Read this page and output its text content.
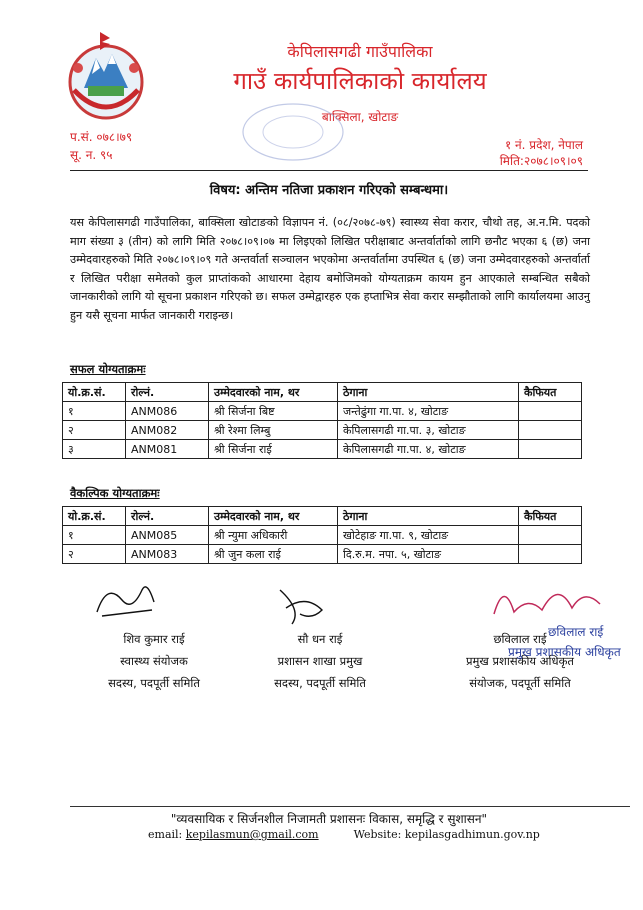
केपिलासगढी गाउँपालिका
गाउँ कार्यपालिकाको कार्यालय
बाक्सिला, खोटाङ
प.सं. ०७८।७९
सू. न. ९५
१ नं. प्रदेश, नेपाल
मिति:२०७८।०९।०९
विषय: अन्तिम नतिजा प्रकाशन गरिएको सम्बन्धमा।
यस केपिलासगढी गाउँपालिका, बाक्सिला खोटाङको विज्ञापन नं. (०८/२०७८-७९) स्वास्थ्य सेवा करार, चौथो तह, अ.न.मि. पदको माग संख्या ३ (तीन) को लागि मिति २०७८।०९।०७ मा लिइएको लिखित परीक्षाबाट अन्तर्वार्ताको लागि छनौट भएका ६ (छ) जना उम्मेदवारहरुको मिति २०७८।०९।०९ गते अन्तर्वार्ता सञ्चालन भएकोमा अन्तर्वार्तामा उपस्थित ६ (छ) जना उम्मेदवारहरुको अन्तर्वार्ता र लिखित परीक्षा समेतको कुल प्राप्तांकको आधारमा देहाय बमोजिमको योग्यताक्रम कायम हुन आएकाले सम्बन्धित सबैको जानकारीको लागि यो सूचना प्रकाशन गरिएको छ। सफल उम्मेद्वारहरु एक हप्ताभित्र सेवा करार सम्झौताको लागि कार्यालयमा आउनु हुन यसै सूचना मार्फत जानकारी गराइन्छ।
सफल योग्यताक्रमः
यो.क्र.सं.	रोल्नं.	उम्मेदवारको नाम, थर	ठेगाना	कैफियत
१	ANM086	श्री सिर्जना बिष्ट	जन्तेढुंगा गा.पा. ४, खोटाङ	
२	ANM082	श्री रेश्मा लिम्बु	केपिलासगढी गा.पा. ३, खोटाङ	
३	ANM081	श्री सिर्जना राई	केपिलासगढी गा.पा. ४, खोटाङ	
वैकल्पिक योग्यताक्रमः
यो.क्र.सं.	रोल्नं.	उम्मेदवारको नाम, थर	ठेगाना	कैफियत
१	ANM085	श्री न्युमा अधिकारी	खोटेहाङ गा.पा. ९, खोटाङ	
२	ANM083	श्री जुन कला राई	दि.रु.म. नपा. ५, खोटाङ	
शिव कुमार राई
स्वास्थ्य संयोजक
सदस्य, पदपूर्ती समिति
सौ धन राई
प्रशासन शाखा प्रमुख
सदस्य, पदपूर्ती समिति
छविलाल राई
प्रमुख प्रशासकीय अधिकृत
संयोजक, पदपूर्ती समिति
छविलाल राई
प्रमुख प्रशासकीय अधिकृत
"व्यवसायिक र सिर्जनशील निजामती प्रशासनः विकास, समृद्धि र सुशासन"
email: kepilasmun@gmail.com	Website: kepilasgadhimun.gov.np
